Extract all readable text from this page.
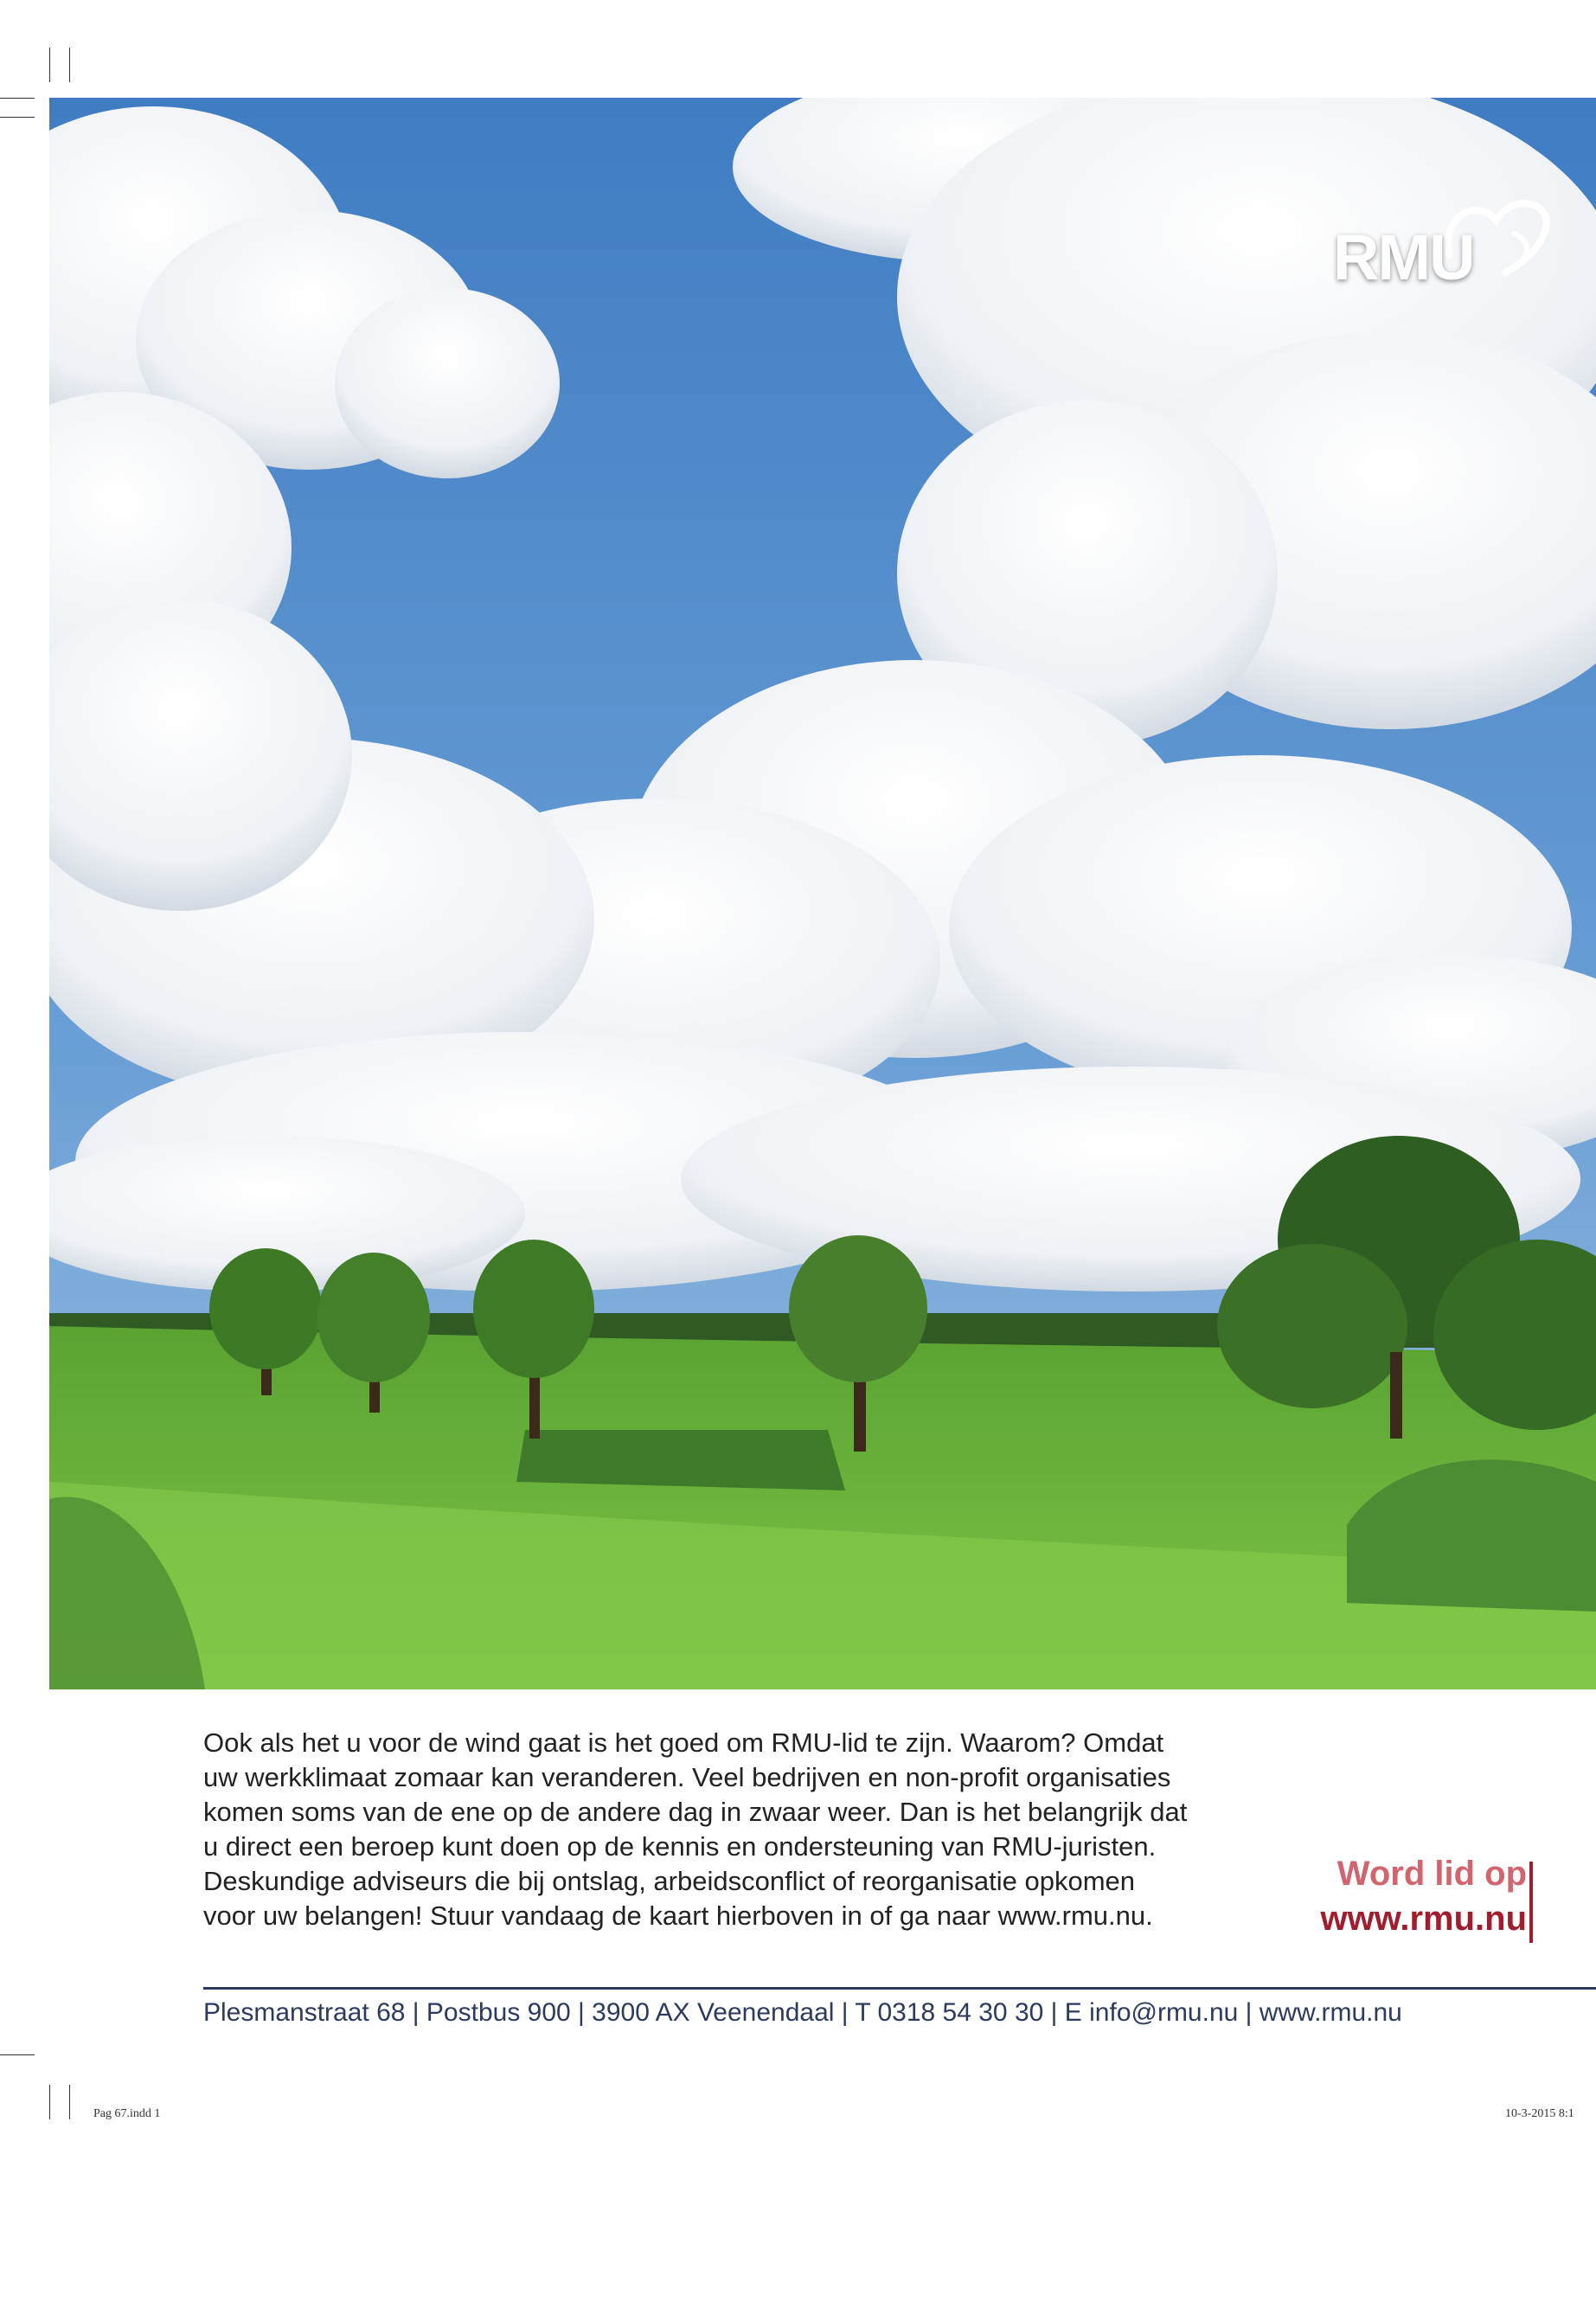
RMU

Ook als het u voor de wind gaat is het goed om RMU-lid te zijn. Waarom? Omdat

uw werkklimaat zomaar kan veranderen. Veel bedrijven en non-profit organisaties

komen soms van de ene op de andere dag in zwaar weer. Dan is het belangrijk dat

u direct een beroep kunt doen op de kennis en ondersteuning van RMU-juristen.

Deskundige adviseurs die bij ontslag, arbeidsconflict of reorganisatie opkomen

voor uw belangen! Stuur vandaag de kaart hierboven in of ga naar www.rmu.nu.

Word lid op
www.rmu.nu
Plesmanstraat 68 | Postbus 900 | 3900 AX Veenendaal | T 0318 54 30 30 | E info@rmu.nu | www.rmu.nu
Pag 67.indd 1	10-3-2015 8:1
